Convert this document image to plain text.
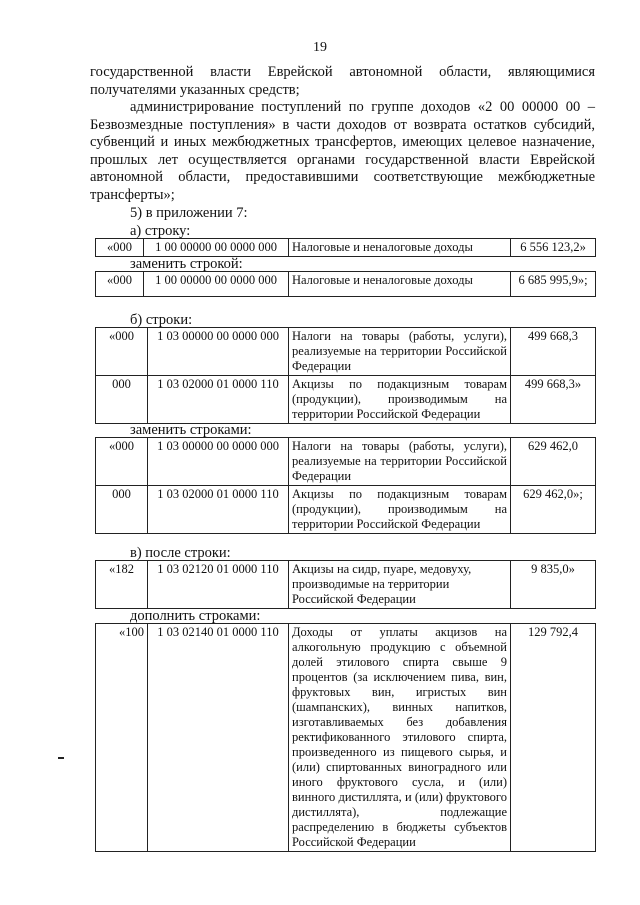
19
государственной власти Еврейской автономной области, являющимися получателями указанных средств;
администрирование поступлений по группе доходов «2 00 00000 00 – Безвозмездные поступления» в части доходов от возврата остатков субсидий, субвенций и иных межбюджетных трансфертов, имеющих целевое назначение, прошлых лет осуществляется органами государственной власти Еврейской автономной области, предоставившими соответствующие межбюджетные трансферты»;
5) в приложении 7:
а) строку:
«000	1 00 00000 00 0000 000	Налоговые и неналоговые доходы	6 556 123,2»
заменить строкой:
«000	1 00 00000 00 0000 000	Налоговые и неналоговые доходы	6 685 995,9»;
б) строки:
«000	1 03 00000 00 0000 000	Налоги на товары (работы, услуги), реализуемые на территории Российской Федерации	499 668,3
000	1 03 02000 01 0000 110	Акцизы по подакцизным товарам (продукции), производимым на территории Российской Федерации	499 668,3»
заменить строками:
«000	1 03 00000 00 0000 000	Налоги на товары (работы, услуги), реализуемые на территории Российской Федерации	629 462,0
000	1 03 02000 01 0000 110	Акцизы по подакцизным товарам (продукции), производимым на территории Российской Федерации	629 462,0»;
в) после строки:
«182	1 03 02120 01 0000 110	Акцизы на сидр, пуаре, медовуху, производимые на территории Российской Федерации	9 835,0»
дополнить строками:
«100	1 03 02140 01 0000 110	Доходы от уплаты акцизов на алкогольную продукцию с объемной долей этилового спирта свыше 9 процентов (за исключением пива, вин, фруктовых вин, игристых вин (шампанских), винных напитков, изготавливаемых без добавления ректификованного этилового спирта, произведенного из пищевого сырья, и (или) спиртованных виноградного или иного фруктового сусла, и (или) винного дистиллята, и (или) фруктового дистиллята), подлежащие распределению в бюджеты субъектов Российской Федерации	129 792,4
